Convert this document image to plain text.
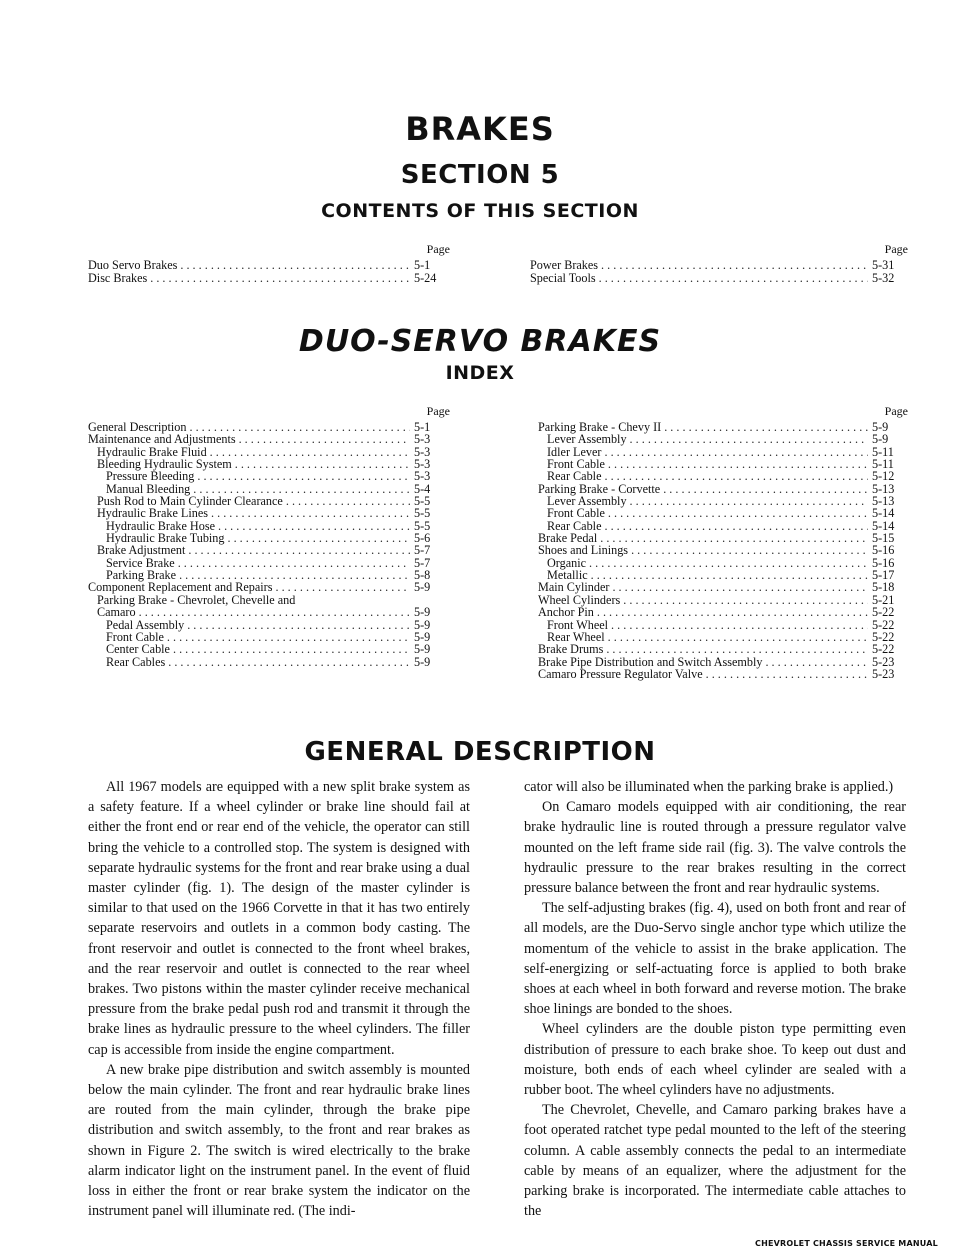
BRAKES
SECTION 5
CONTENTS OF THIS SECTION
Page
Duo Servo Brakes . . .	5-1
Disc Brakes . . .	5-24
Page
Power Brakes . . .	5-31
Special Tools . . .	5-32
DUO-SERVO BRAKES
INDEX
Page
General Description . . .	5-1
Maintenance and Adjustments . . .	5-3
Hydraulic Brake Fluid . . .	5-3
Bleeding Hydraulic System . . .	5-3
Pressure Bleeding . . .	5-3
Manual Bleeding . . .	5-4
Push Rod to Main Cylinder Clearance . . .	5-5
Hydraulic Brake Lines . . .	5-5
Hydraulic Brake Hose . . .	5-5
Hydraulic Brake Tubing . . .	5-6
Brake Adjustment . . .	5-7
Service Brake . . .	5-7
Parking Brake . . .	5-8
Component Replacement and Repairs . . .	5-9
Parking Brake - Chevrolet, Chevelle and
Camaro . . .	5-9
Pedal Assembly . . .	5-9
Front Cable . . .	5-9
Center Cable . . .	5-9
Rear Cables . . .	5-9
Page
Parking Brake - Chevy II . . .	5-9
Lever Assembly . . .	5-9
Idler Lever . . .	5-11
Front Cable . . .	5-11
Rear Cable . . .	5-12
Parking Brake - Corvette . . .	5-13
Lever Assembly . . .	5-13
Front Cable . . .	5-14
Rear Cable . . .	5-14
Brake Pedal . . .	5-15
Shoes and Linings . . .	5-16
Organic . . .	5-16
Metallic . . .	5-17
Main Cylinder . . .	5-18
Wheel Cylinders . . .	5-21
Anchor Pin . . .	5-22
Front Wheel . . .	5-22
Rear Wheel . . .	5-22
Brake Drums . . .	5-22
Brake Pipe Distribution and Switch Assembly . . .	5-23
Camaro Pressure Regulator Valve . . .	5-23
GENERAL DESCRIPTION

All 1967 models are equipped with a new split brake system as a safety feature. If a wheel cylinder or brake line should fail at either the front end or rear end of the vehicle, the operator can still bring the vehicle to a controlled stop. The system is designed with separate hydraulic systems for the front and rear brake using a dual master cylinder (fig. 1). The design of the master cylinder is similar to that used on the 1966 Corvette in that it has two entirely separate reservoirs and outlets in a common body casting. The front reservoir and outlet is connected to the front wheel brakes, and the rear reservoir and outlet is connected to the rear wheel brakes. Two pistons within the master cylinder receive mechanical pressure from the brake pedal push rod and transmit it through the brake lines as hydraulic pressure to the wheel cylinders. The filler cap is accessible from inside the engine compartment.

A new brake pipe distribution and switch assembly is mounted below the main cylinder. The front and rear hydraulic brake lines are routed from the main cylinder, through the brake pipe distribution and switch assembly, to the front and rear brakes as shown in Figure 2. The switch is wired electrically to the brake alarm indicator light on the instrument panel. In the event of fluid loss in either the front or rear brake system the indicator on the instrument panel will illuminate red. (The indi-

cator will also be illuminated when the parking brake is applied.)

On Camaro models equipped with air conditioning, the rear brake hydraulic line is routed through a pressure regulator valve mounted on the left frame side rail (fig. 3). The valve controls the hydraulic pressure to the rear brakes resulting in the correct pressure balance between the front and rear hydraulic systems.

The self-adjusting brakes (fig. 4), used on both front and rear of all models, are the Duo-Servo single anchor type which utilize the momentum of the vehicle to assist in the brake application. The self-energizing or self-actuating force is applied to both brake shoes at each wheel in both forward and reverse motion. The brake shoe linings are bonded to the shoes.

Wheel cylinders are the double piston type permitting even distribution of pressure to each brake shoe. To keep out dust and moisture, both ends of each wheel cylinder are sealed with a rubber boot. The wheel cylinders have no adjustments.

The Chevrolet, Chevelle, and Camaro parking brakes have a foot operated ratchet type pedal mounted to the left of the steering column. A cable assembly connects the pedal to an intermediate cable by means of an equalizer, where the adjustment for the parking brake is incorporated. The intermediate cable attaches to the

CHEVROLET CHASSIS SERVICE MANUAL
